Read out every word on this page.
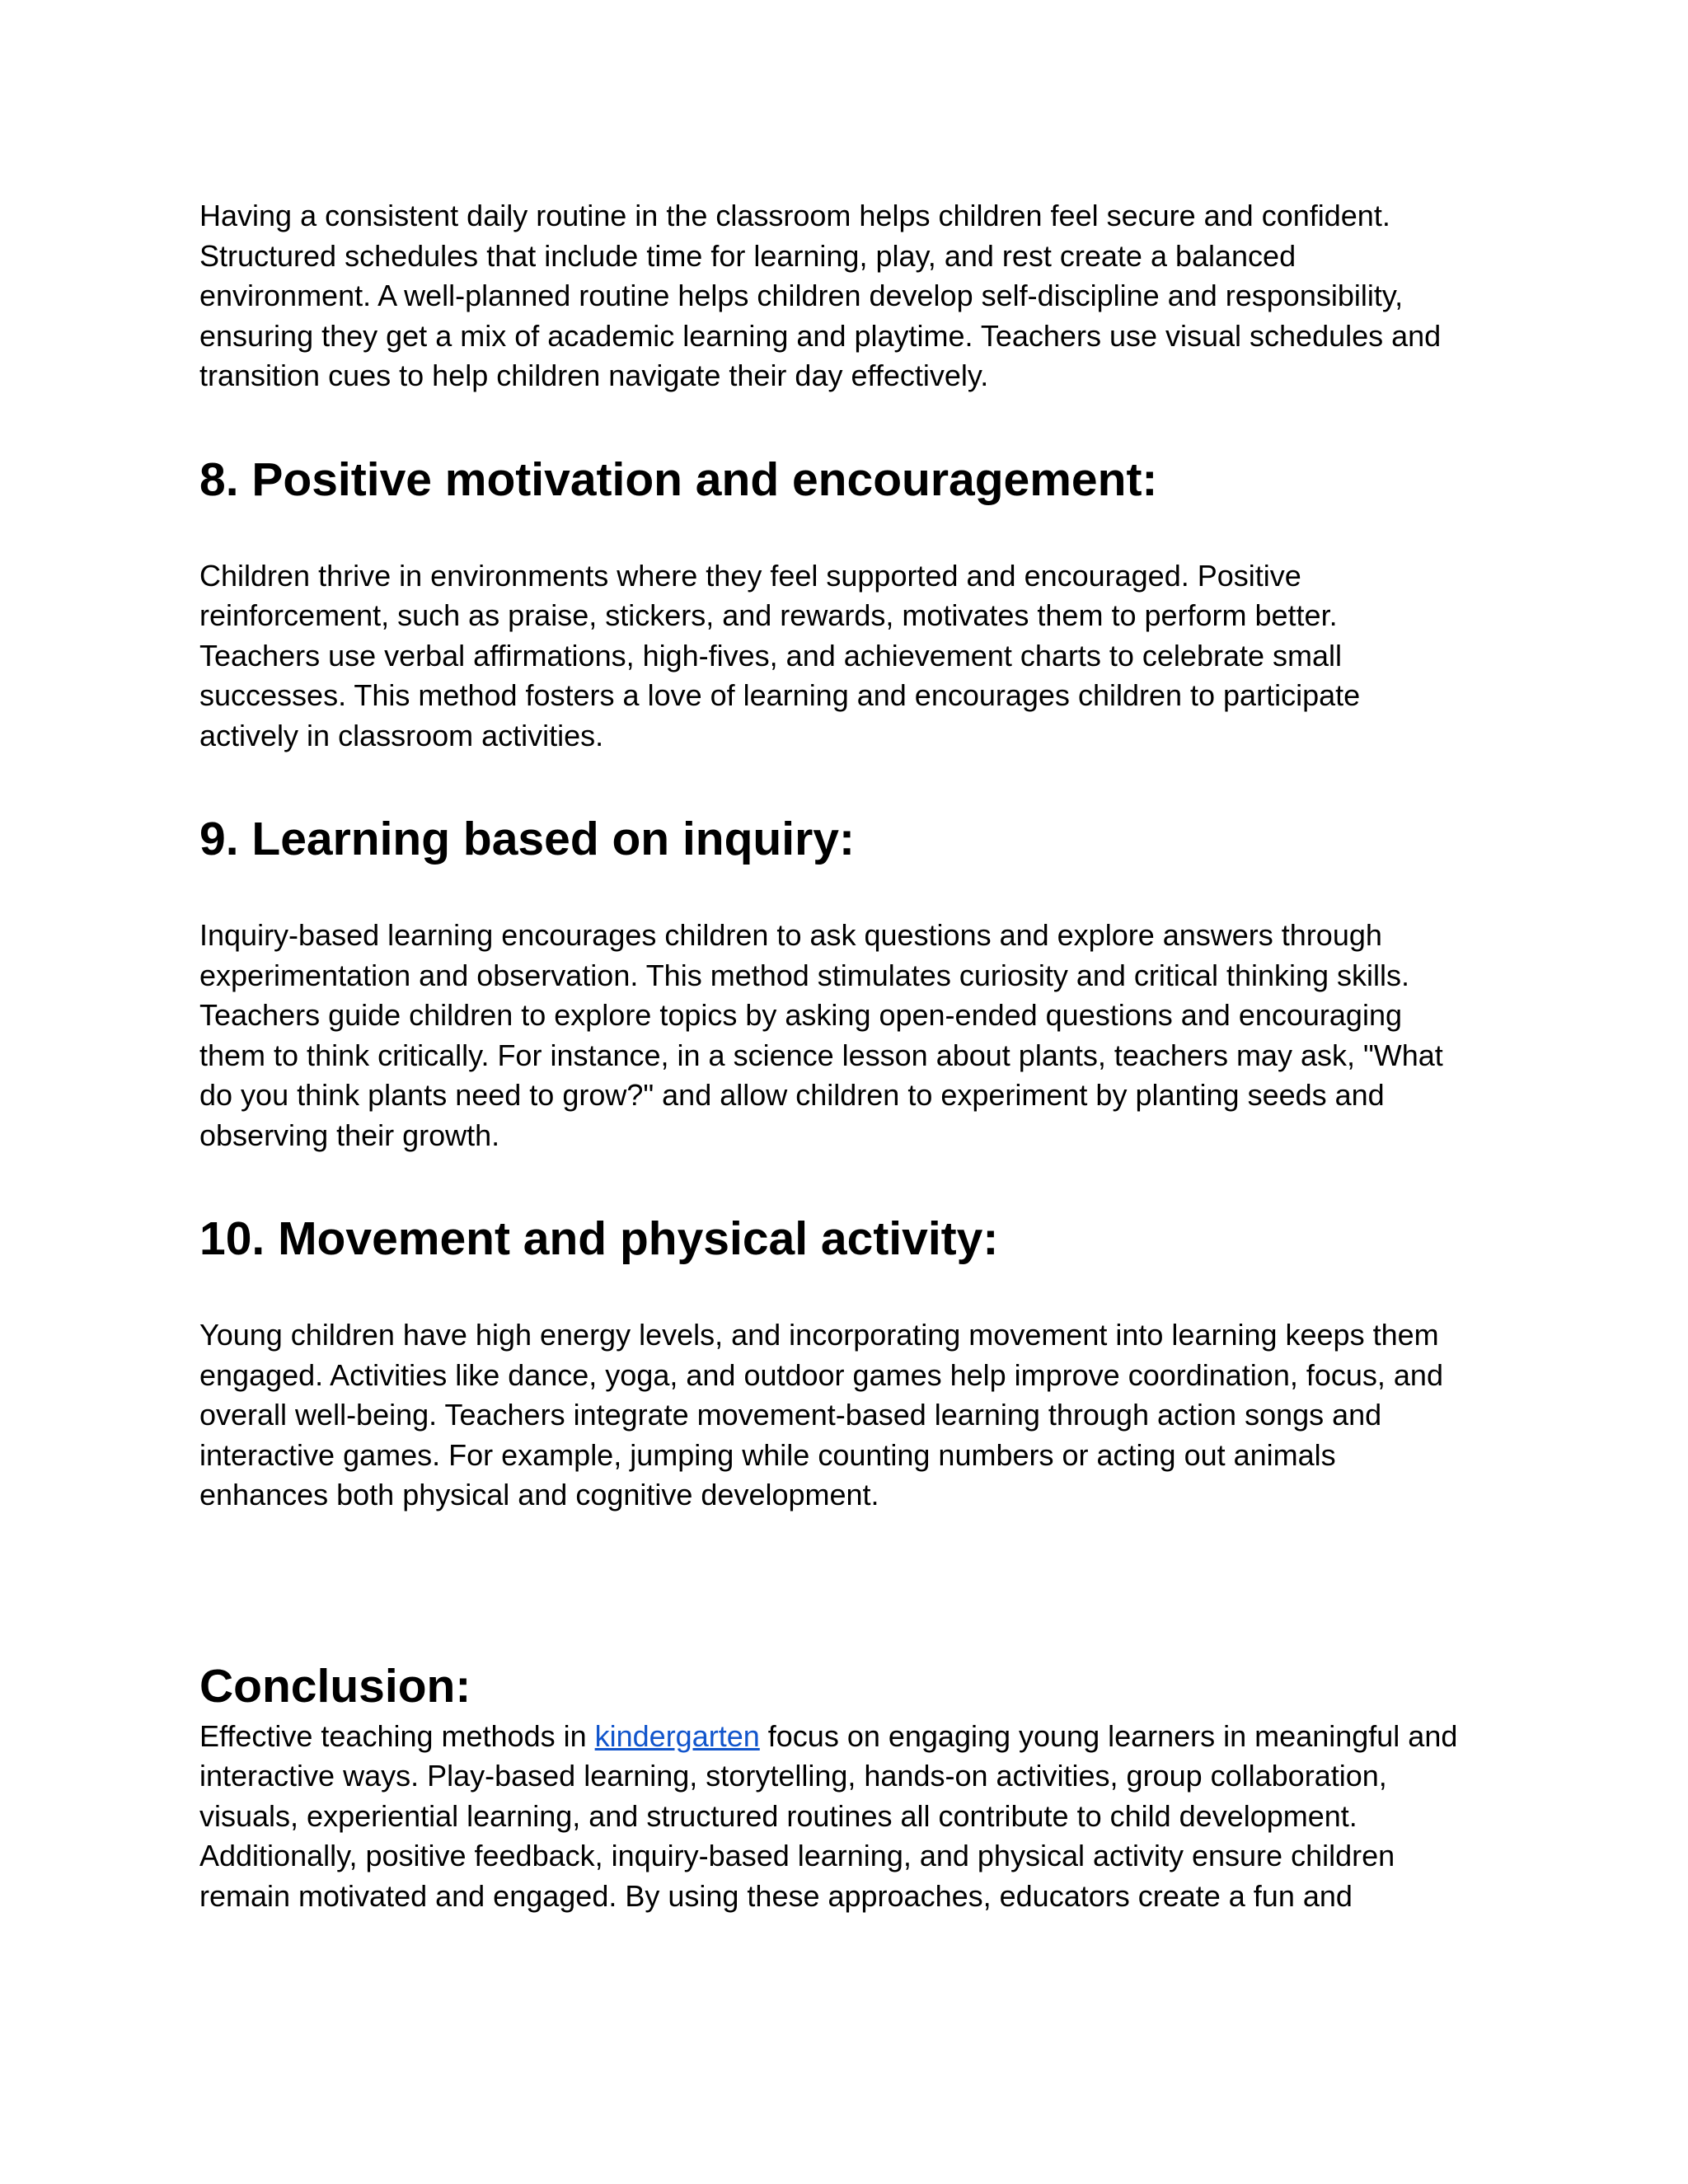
Having a consistent daily routine in the classroom helps children feel secure and confident.
Structured schedules that include time for learning, play, and rest create a balanced
environment. A well-planned routine helps children develop self-discipline and responsibility,
ensuring they get a mix of academic learning and playtime. Teachers use visual schedules and
transition cues to help children navigate their day effectively.

8. Positive motivation and encouragement:

Children thrive in environments where they feel supported and encouraged. Positive
reinforcement, such as praise, stickers, and rewards, motivates them to perform better.
Teachers use verbal affirmations, high-fives, and achievement charts to celebrate small
successes. This method fosters a love of learning and encourages children to participate
actively in classroom activities.

9. Learning based on inquiry:

Inquiry-based learning encourages children to ask questions and explore answers through
experimentation and observation. This method stimulates curiosity and critical thinking skills.
Teachers guide children to explore topics by asking open-ended questions and encouraging
them to think critically. For instance, in a science lesson about plants, teachers may ask, "What
do you think plants need to grow?" and allow children to experiment by planting seeds and
observing their growth.

10. Movement and physical activity:

Young children have high energy levels, and incorporating movement into learning keeps them
engaged. Activities like dance, yoga, and outdoor games help improve coordination, focus, and
overall well-being. Teachers integrate movement-based learning through action songs and
interactive games. For example, jumping while counting numbers or acting out animals
enhances both physical and cognitive development.

Conclusion:

Effective teaching methods in kindergarten focus on engaging young learners in meaningful and
interactive ways. Play-based learning, storytelling, hands-on activities, group collaboration,
visuals, experiential learning, and structured routines all contribute to child development.
Additionally, positive feedback, inquiry-based learning, and physical activity ensure children
remain motivated and engaged. By using these approaches, educators create a fun and
